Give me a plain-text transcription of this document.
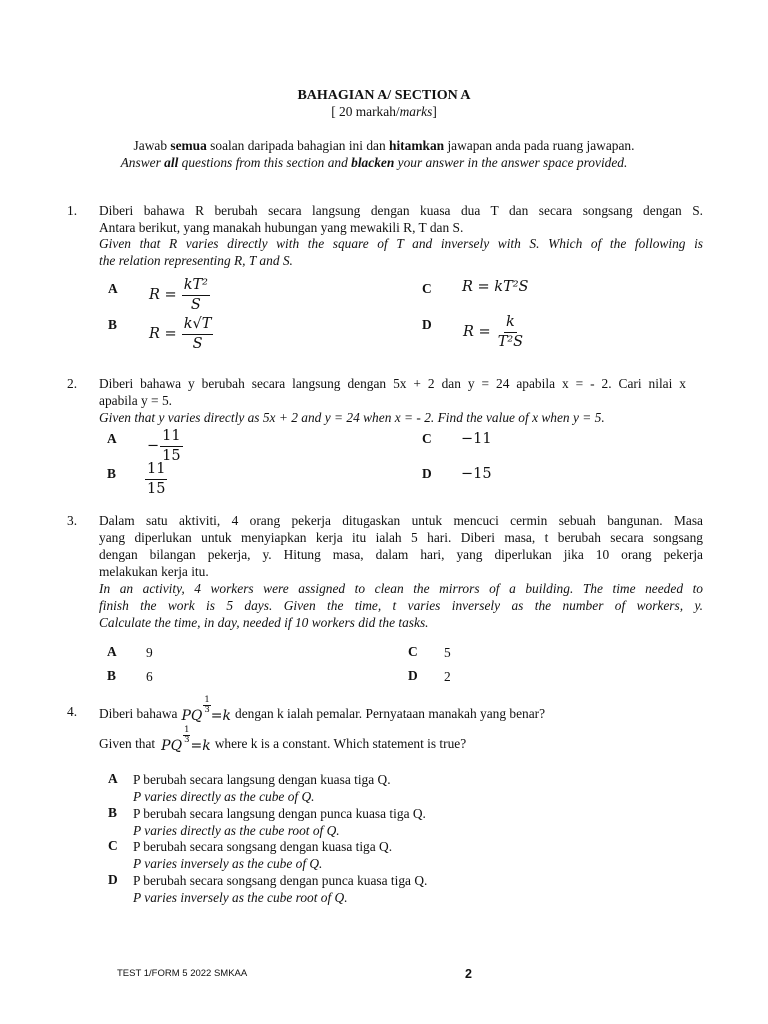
BAHAGIAN A/ SECTION A
[ 20 markah/marks]
Jawab semua soalan daripada bahagian ini dan hitamkan jawapan anda pada ruang jawapan.
Answer all questions from this section and blacken your answer in the answer space provided.
1. Diberi bahawa R berubah secara langsung dengan kuasa dua T dan secara songsang dengan S.
Antara berikut, yang manakah hubungan yang mewakili R, T dan S.
Given that R varies directly with the square of T and inversely with S. Which of the following is
the relation representing R, T and S.
A $R = \frac{\text{kT²}}{S}$
B
$R = \frac{k√T}{S}$
C R = kT²S
D $R = \frac{k}{\text{T²S}}$
2. Diberi bahawa y berubah secara langsung dengan 5x + 2 dan y = 24 apabila x = - 2. Cari nilai x
apabila y = 5.
Given that y varies directly as 5x + 2 and y = 24 when x = - 2. Find the value of x when y = 5.
$A - \frac{11}{15}$
B $\frac{11}{15}$
C −11
D −15
3. Dalam satu aktiviti, 4 orang pekerja ditugaskan untuk mencuci cermin sebuah bangunan. Masa
yang diperlukan untuk menyiapkan kerja itu ialah 5 hari. Diberi masa, t berubah secara songsang
dengan bilangan pekerja, y. Hitung masa, dalam hari, yang diperlukan jika 10 orang pekerja
melakukan kerja itu.
In an activity, 4 workers were assigned to clean the mirrors of a building. The time needed to
finish the work is 5 days. Given the time, t varies inversely as the number of workers, y.
Calculate the time, in day, needed if 10 workers did the tasks.
A 9
B 6
C 5
D 2
4. Diberi bahawa PQ
$\frac{1}{3}$
=k dengan k ialah pemalar. Pernyataan manakah yang benar?
Given that PQ
$\frac{1}{3}$
=k where k is a constant. Which statement is true?
A P berubah secara langsung dengan kuasa tiga Q.
P varies directly as the cube of Q.
B P berubah secara langsung dengan punca kuasa tiga Q.
P varies directly as the cube root of Q.
C P berubah secara songsang dengan kuasa tiga Q.
P varies inversely as the cube of Q.
D P berubah secara songsang dengan punca kuasa tiga Q.
P varies inversely as the cube root of Q.
TEST 1/FORM 5 2022 SMKAA	2
